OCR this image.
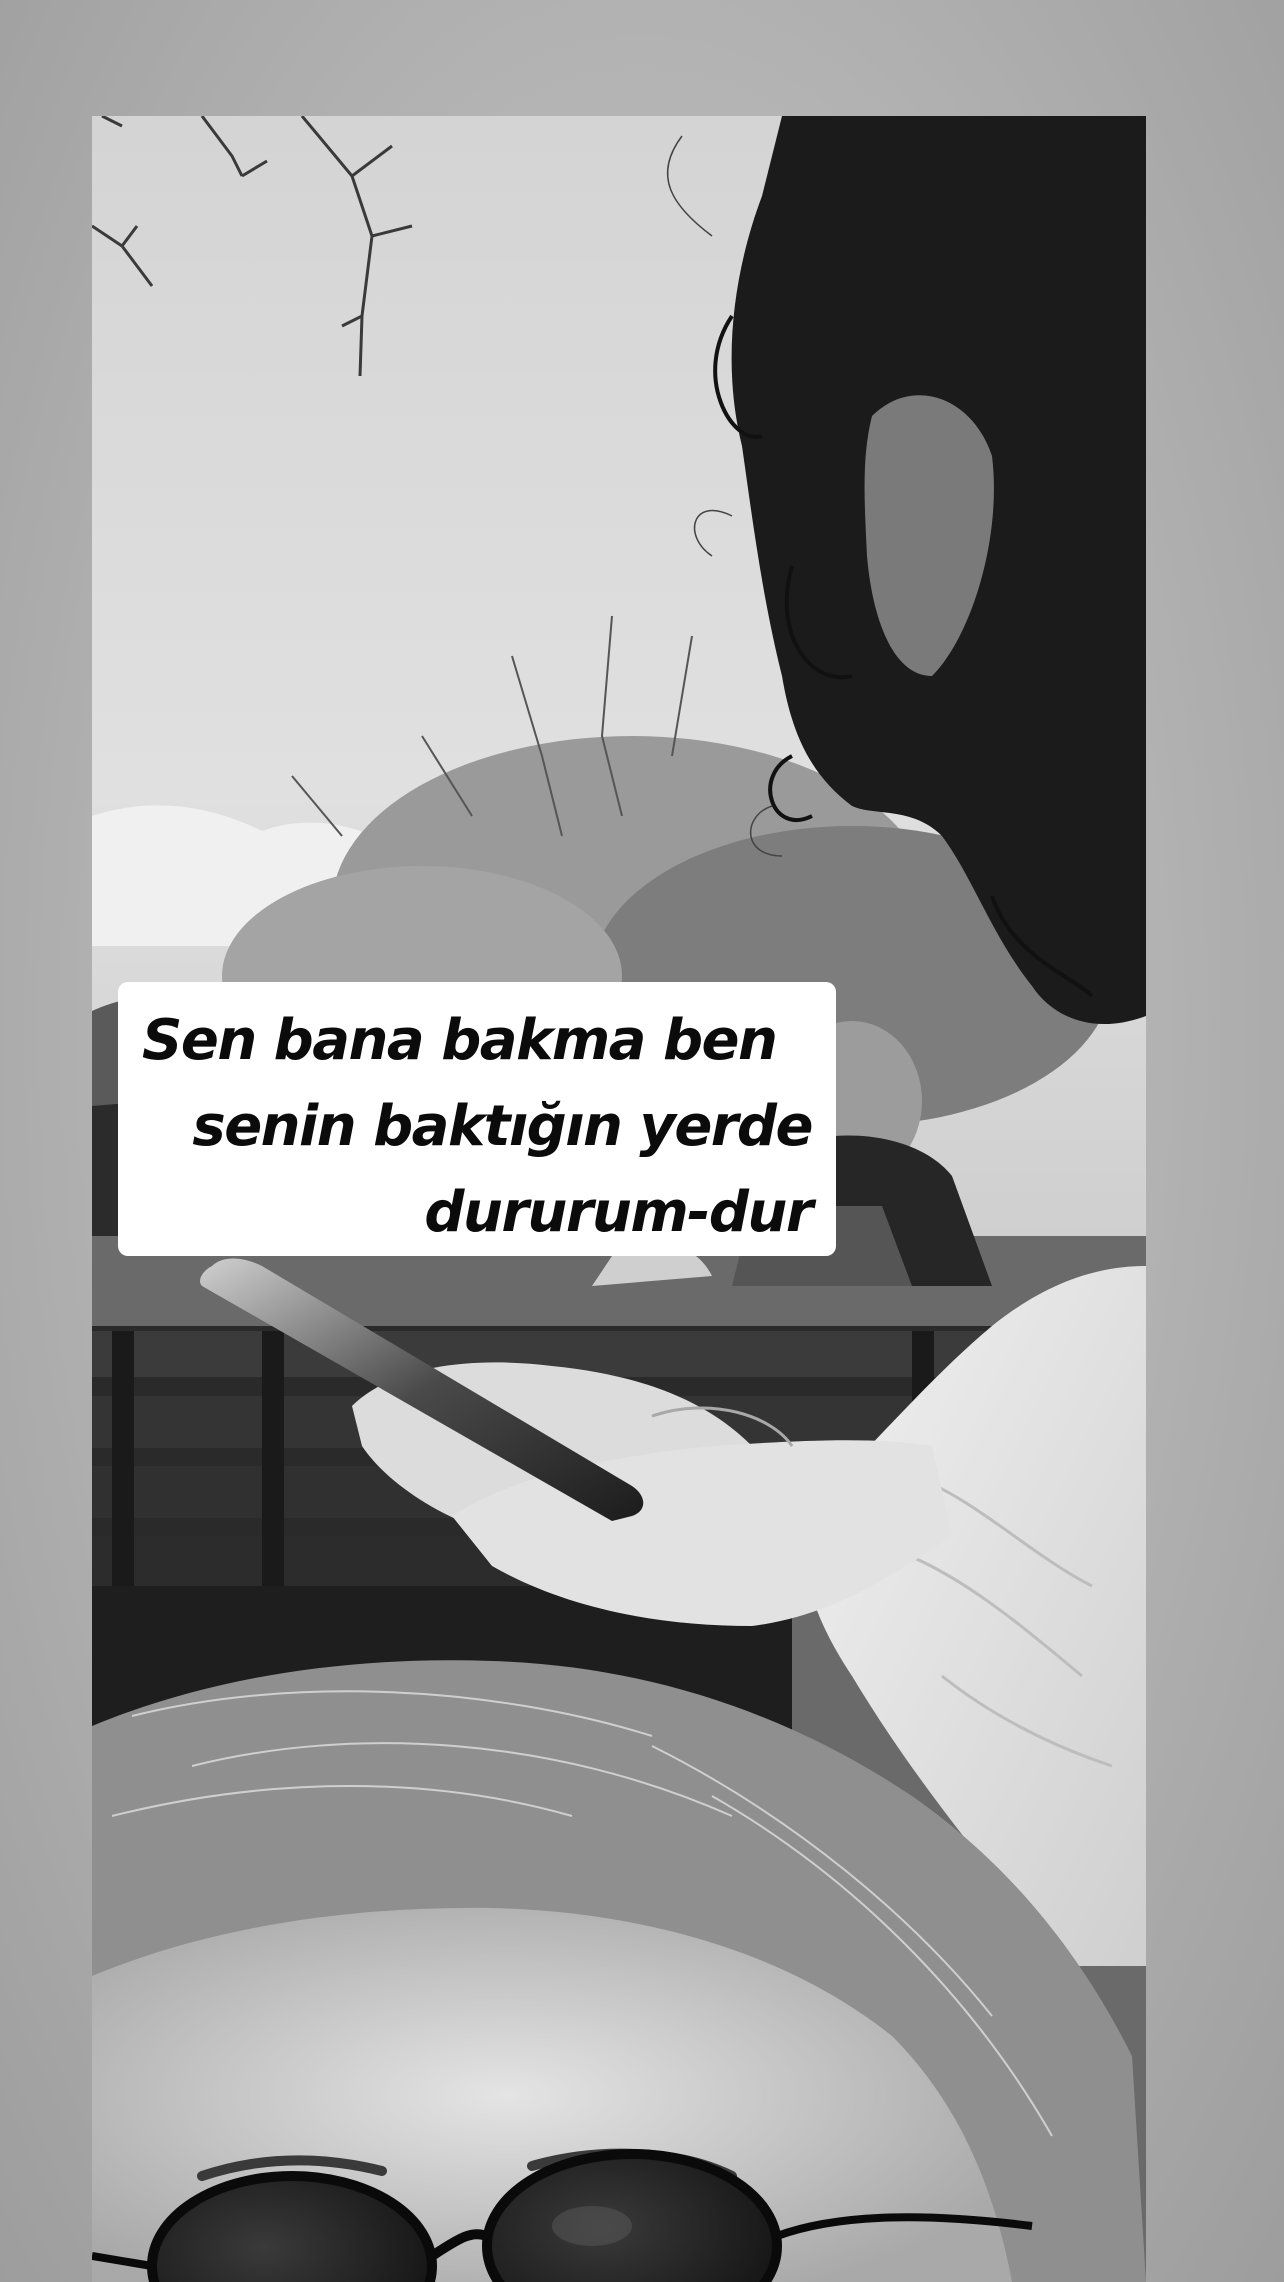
Sen bana bakma ben
senin baktığın yerde
dururum-dur
